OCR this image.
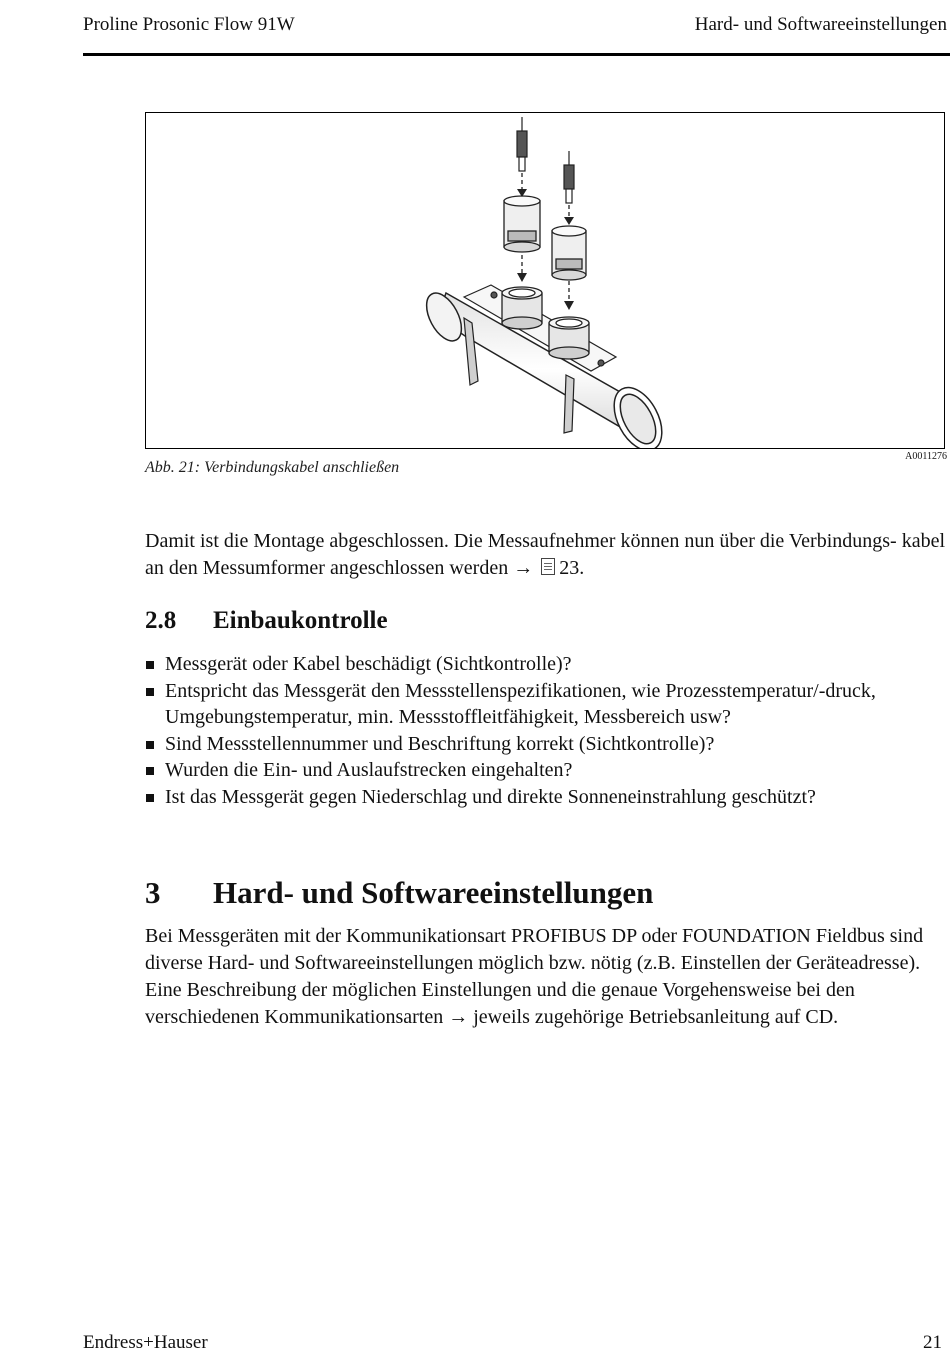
Proline Prosonic Flow 91W	Hard- und Softwareeinstellungen
A0011276
Abb. 21: Verbindungskabel anschließen
Damit ist die Montage abgeschlossen. Die Messaufnehmer können nun über die Verbindungs- kabel an den Messumformer angeschlossen werden → 23.
2.8 Einbaukontrolle
Messgerät oder Kabel beschädigt (Sichtkontrolle)?
Entspricht das Messgerät den Messstellenspezifikationen, wie Prozesstemperatur/-druck, Umgebungstemperatur, min. Messstoffleitfähigkeit, Messbereich usw?
Sind Messstellennummer und Beschriftung korrekt (Sichtkontrolle)?
Wurden die Ein- und Auslaufstrecken eingehalten?
Ist das Messgerät gegen Niederschlag und direkte Sonneneinstrahlung geschützt?
3 Hard- und Softwareeinstellungen
Bei Messgeräten mit der Kommunikationsart PROFIBUS DP oder FOUNDATION Fieldbus sind diverse Hard- und Softwareeinstellungen möglich bzw. nötig (z.B. Einstellen der Geräteadresse). Eine Beschreibung der möglichen Einstellungen und die genaue Vorgehensweise bei den verschiedenen Kommunikationsarten → jeweils zugehörige Betriebsanleitung auf CD.
Endress+Hauser	21
